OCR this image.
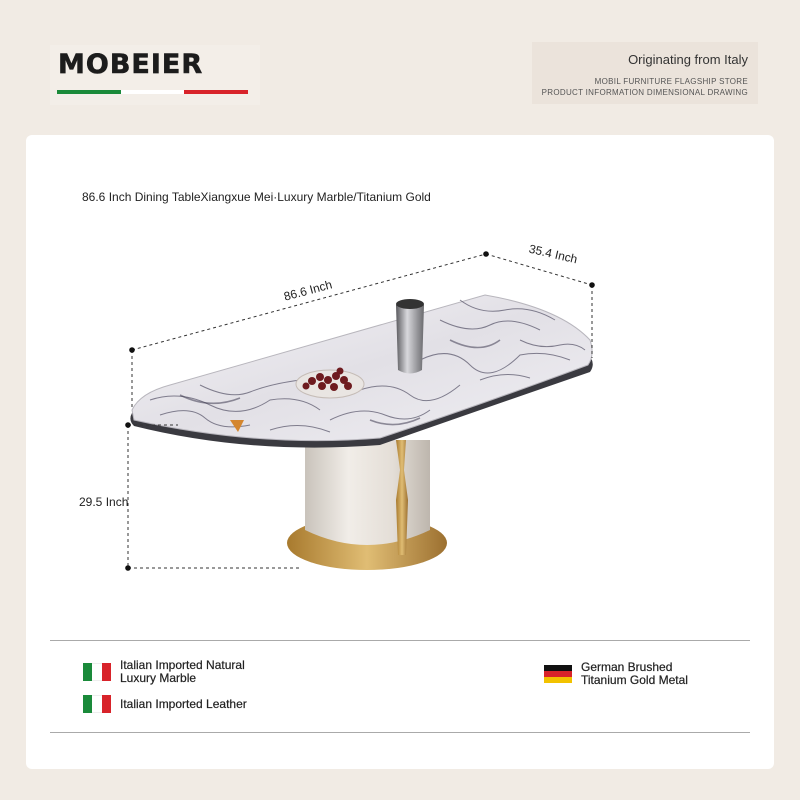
MOBEIER	Originating from Italy
MOBIL FURNITURE FLAGSHIP STORE
PRODUCT INFORMATION DIMENSIONAL DRAWING
86.6 Inch Dining TableXiangxue Mei·Luxury Marble/Titanium Gold
86.6 Inch
35.4 Inch
29.5 Inch
Italian Imported Natural
Luxury Marble
Italian Imported Leather
German Brushed
Titanium Gold Metal
